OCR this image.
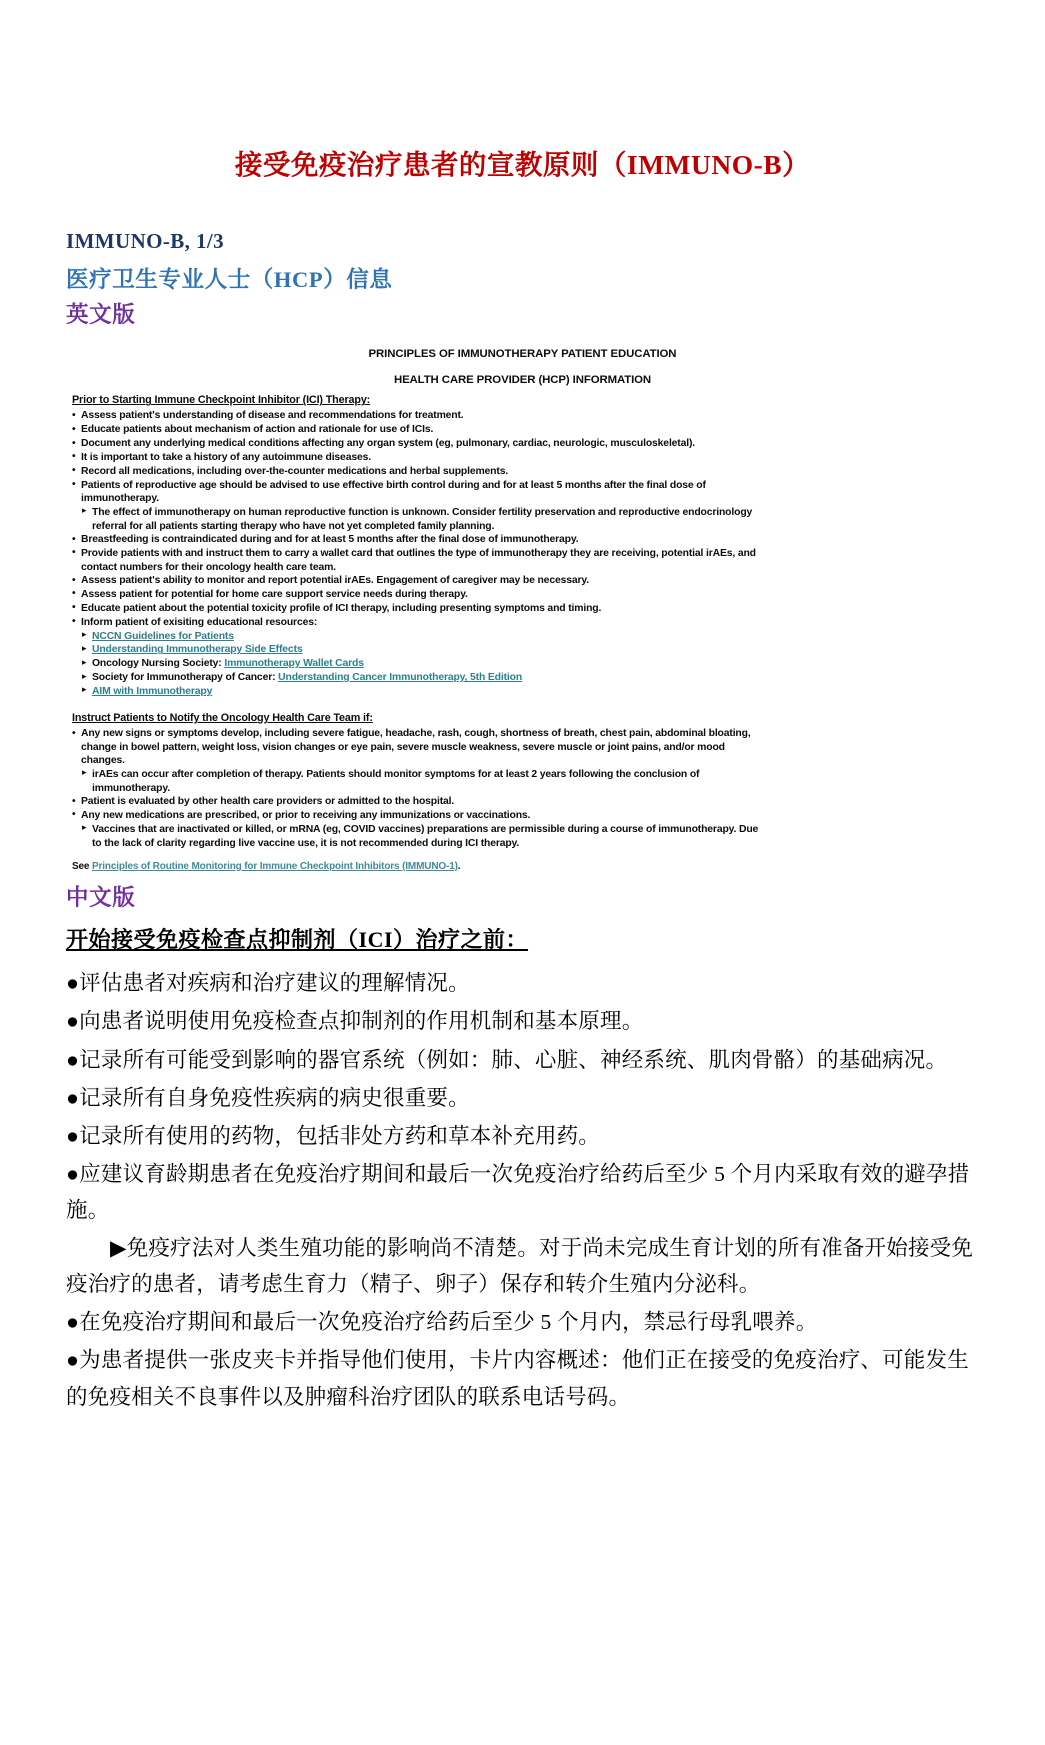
接受免疫治疗患者的宣教原则（IMMUNO-B）
IMMUNO-B, 1/3
医疗卫生专业人士（HCP）信息
英文版
PRINCIPLES OF IMMUNOTHERAPY PATIENT EDUCATION
HEALTH CARE PROVIDER (HCP) INFORMATION
Prior to Starting Immune Checkpoint Inhibitor (ICI) Therapy:
• Assess patient's understanding of disease and recommendations for treatment.
• Educate patients about mechanism of action and rationale for use of ICIs.
• Document any underlying medical conditions affecting any organ system (eg, pulmonary, cardiac, neurologic, musculoskeletal).
• It is important to take a history of any autoimmune diseases.
• Record all medications, including over-the-counter medications and herbal supplements.
• Patients of reproductive age should be advised to use effective birth control during and for at least 5 months after the final dose of
immunotherapy.
▸ The effect of immunotherapy on human reproductive function is unknown. Consider fertility preservation and reproductive endocrinology
referral for all patients starting therapy who have not yet completed family planning.
• Breastfeeding is contraindicated during and for at least 5 months after the final dose of immunotherapy.
• Provide patients with and instruct them to carry a wallet card that outlines the type of immunotherapy they are receiving, potential irAEs, and
contact numbers for their oncology health care team.
• Assess patient's ability to monitor and report potential irAEs. Engagement of caregiver may be necessary.
• Assess patient for potential for home care support service needs during therapy.
• Educate patient about the potential toxicity profile of ICI therapy, including presenting symptoms and timing.
• Inform patient of exisiting educational resources:
▸ NCCN Guidelines for Patients
▸ Understanding Immunotherapy Side Effects
▸ Oncology Nursing Society: Immunotherapy Wallet Cards
▸ Society for Immunotherapy of Cancer: Understanding Cancer Immunotherapy, 5th Edition
▸ AIM with Immunotherapy
Instruct Patients to Notify the Oncology Health Care Team if:
• Any new signs or symptoms develop, including severe fatigue, headache, rash, cough, shortness of breath, chest pain, abdominal bloating,
change in bowel pattern, weight loss, vision changes or eye pain, severe muscle weakness, severe muscle or joint pains, and/or mood
changes.
▸ irAEs can occur after completion of therapy. Patients should monitor symptoms for at least 2 years following the conclusion of
immunotherapy.
• Patient is evaluated by other health care providers or admitted to the hospital.
• Any new medications are prescribed, or prior to receiving any immunizations or vaccinations.
▸ Vaccines that are inactivated or killed, or mRNA (eg, COVID vaccines) preparations are permissible during a course of immunotherapy. Due
to the lack of clarity regarding live vaccine use, it is not recommended during ICI therapy.
See Principles of Routine Monitoring for Immune Checkpoint Inhibitors (IMMUNO-1).
中文版
开始接受免疫检查点抑制剂（ICI）治疗之前：
●评估患者对疾病和治疗建议的理解情况。
●向患者说明使用免疫检查点抑制剂的作用机制和基本原理。
●记录所有可能受到影响的器官系统（例如：肺、心脏、神经系统、肌肉骨骼）的基础病况。
●记录所有自身免疫性疾病的病史很重要。
●记录所有使用的药物，包括非处方药和草本补充用药。
●应建议育龄期患者在免疫治疗期间和最后一次免疫治疗给药后至少 5 个月内采取有效的避孕措施。
▶免疫疗法对人类生殖功能的影响尚不清楚。对于尚未完成生育计划的所有准备开始接受免疫治疗的患者，请考虑生育力（精子、卵子）保存和转介生殖内分泌科。
●在免疫治疗期间和最后一次免疫治疗给药后至少 5 个月内，禁忌行母乳喂养。
●为患者提供一张皮夹卡并指导他们使用，卡片内容概述：他们正在接受的免疫治疗、可能发生的免疫相关不良事件以及肿瘤科治疗团队的联系电话号码。
